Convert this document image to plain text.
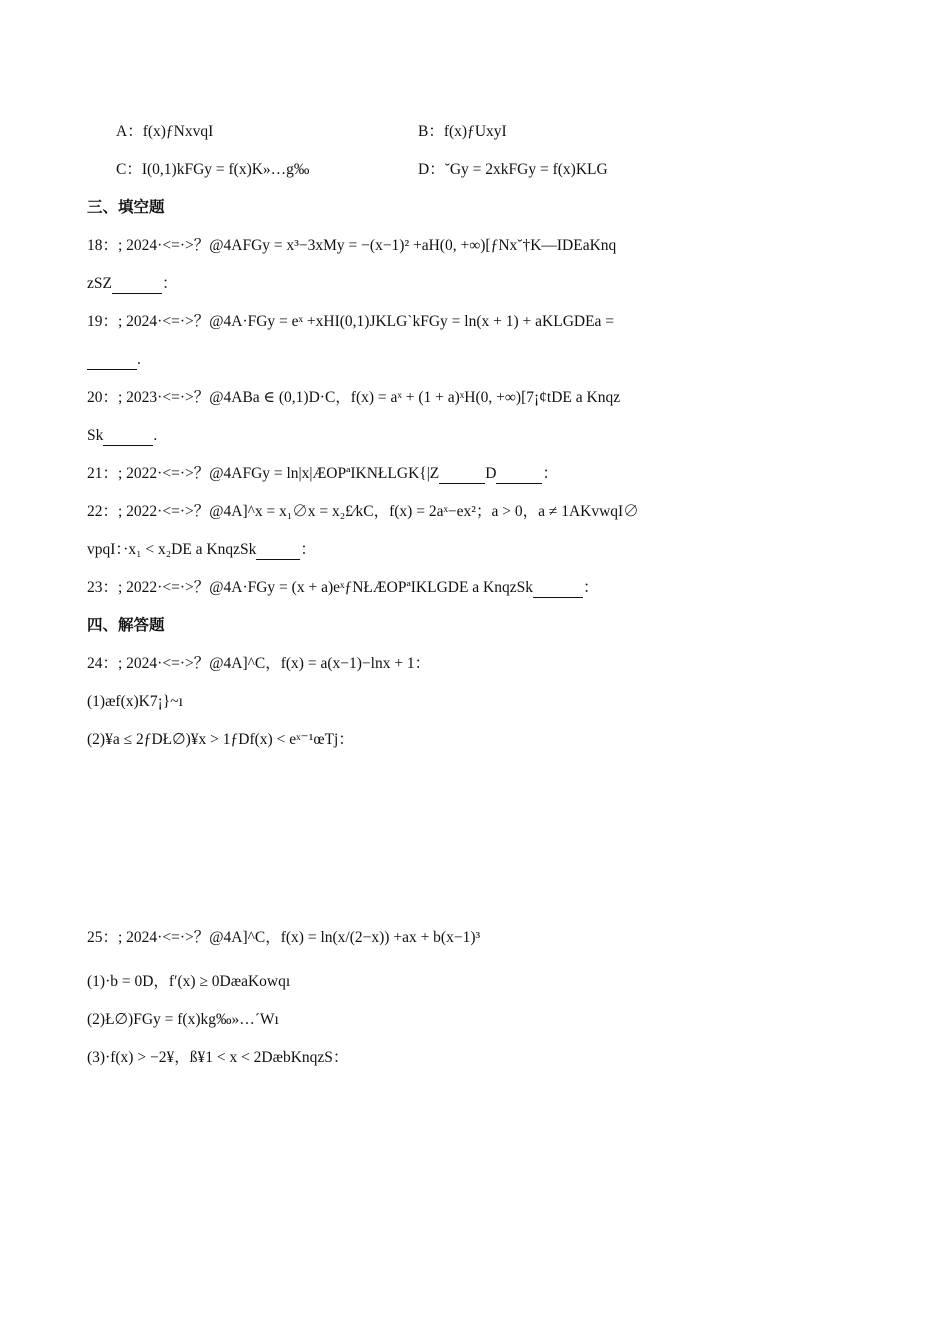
A：f(x)ƒNxvqI	B：f(x)ƒUxyI
C：I(0,1)kFGy = f(x)K»…g‰	D：˘Gy = 2xkFGy = f(x)KLG
三、填空题
18：; 2024·<=·>？@4AFGy = x³−3xMy = −(x−1)² +aH(0, +∞)[ƒNx˘†K—IDEaKnq
zSZ	：
19：; 2024·<=·>？@4A·FGy = eˣ +xHI(0,1)JKLG`kFGy = ln(x + 1) + aKLGDEa =
.
20：; 2023·<=·>？@4ABa ∈ (0,1)D·C，f(x) = aˣ + (1 + a)ˣH(0, +∞)[7¡¢tDE a Knqz
Sk	.
21：; 2022·<=·>？@4AFGy = ln|x|ÆOPªIKNŁLGK{|Z	D	：
22：; 2022·<=·>？@4A]^x = x₁∅x = x₂£⁄kC，f(x) = 2aˣ−ex²；a > 0，a ≠ 1AKvwqI∅
vpqI：·x₁ < x₂DE a KnqzSk	：
23：; 2022·<=·>？@4A·FGy = (x + a)eˣƒNŁÆOPªIKLGDE a KnqzSk	：
四、解答题
24：; 2024·<=·>？@4A]^C，f(x) = a(x−1)−lnx + 1：
(1)æf(x)K7¡}~ı
(2)¥a ≤ 2ƒDŁ∅)¥x > 1ƒDf(x) < eˣ⁻¹œTj：
25：; 2024·<=·>？@4A]^C，f(x) = ln(x/(2−x)) +ax + b(x−1)³
(1)·b = 0D，f′(x) ≥ 0DæaKowqı
(2)Ł∅)FGy = f(x)kg‰»…´Wı
(3)·f(x) > −2¥，ß¥1 < x < 2DæbKnqzS：
